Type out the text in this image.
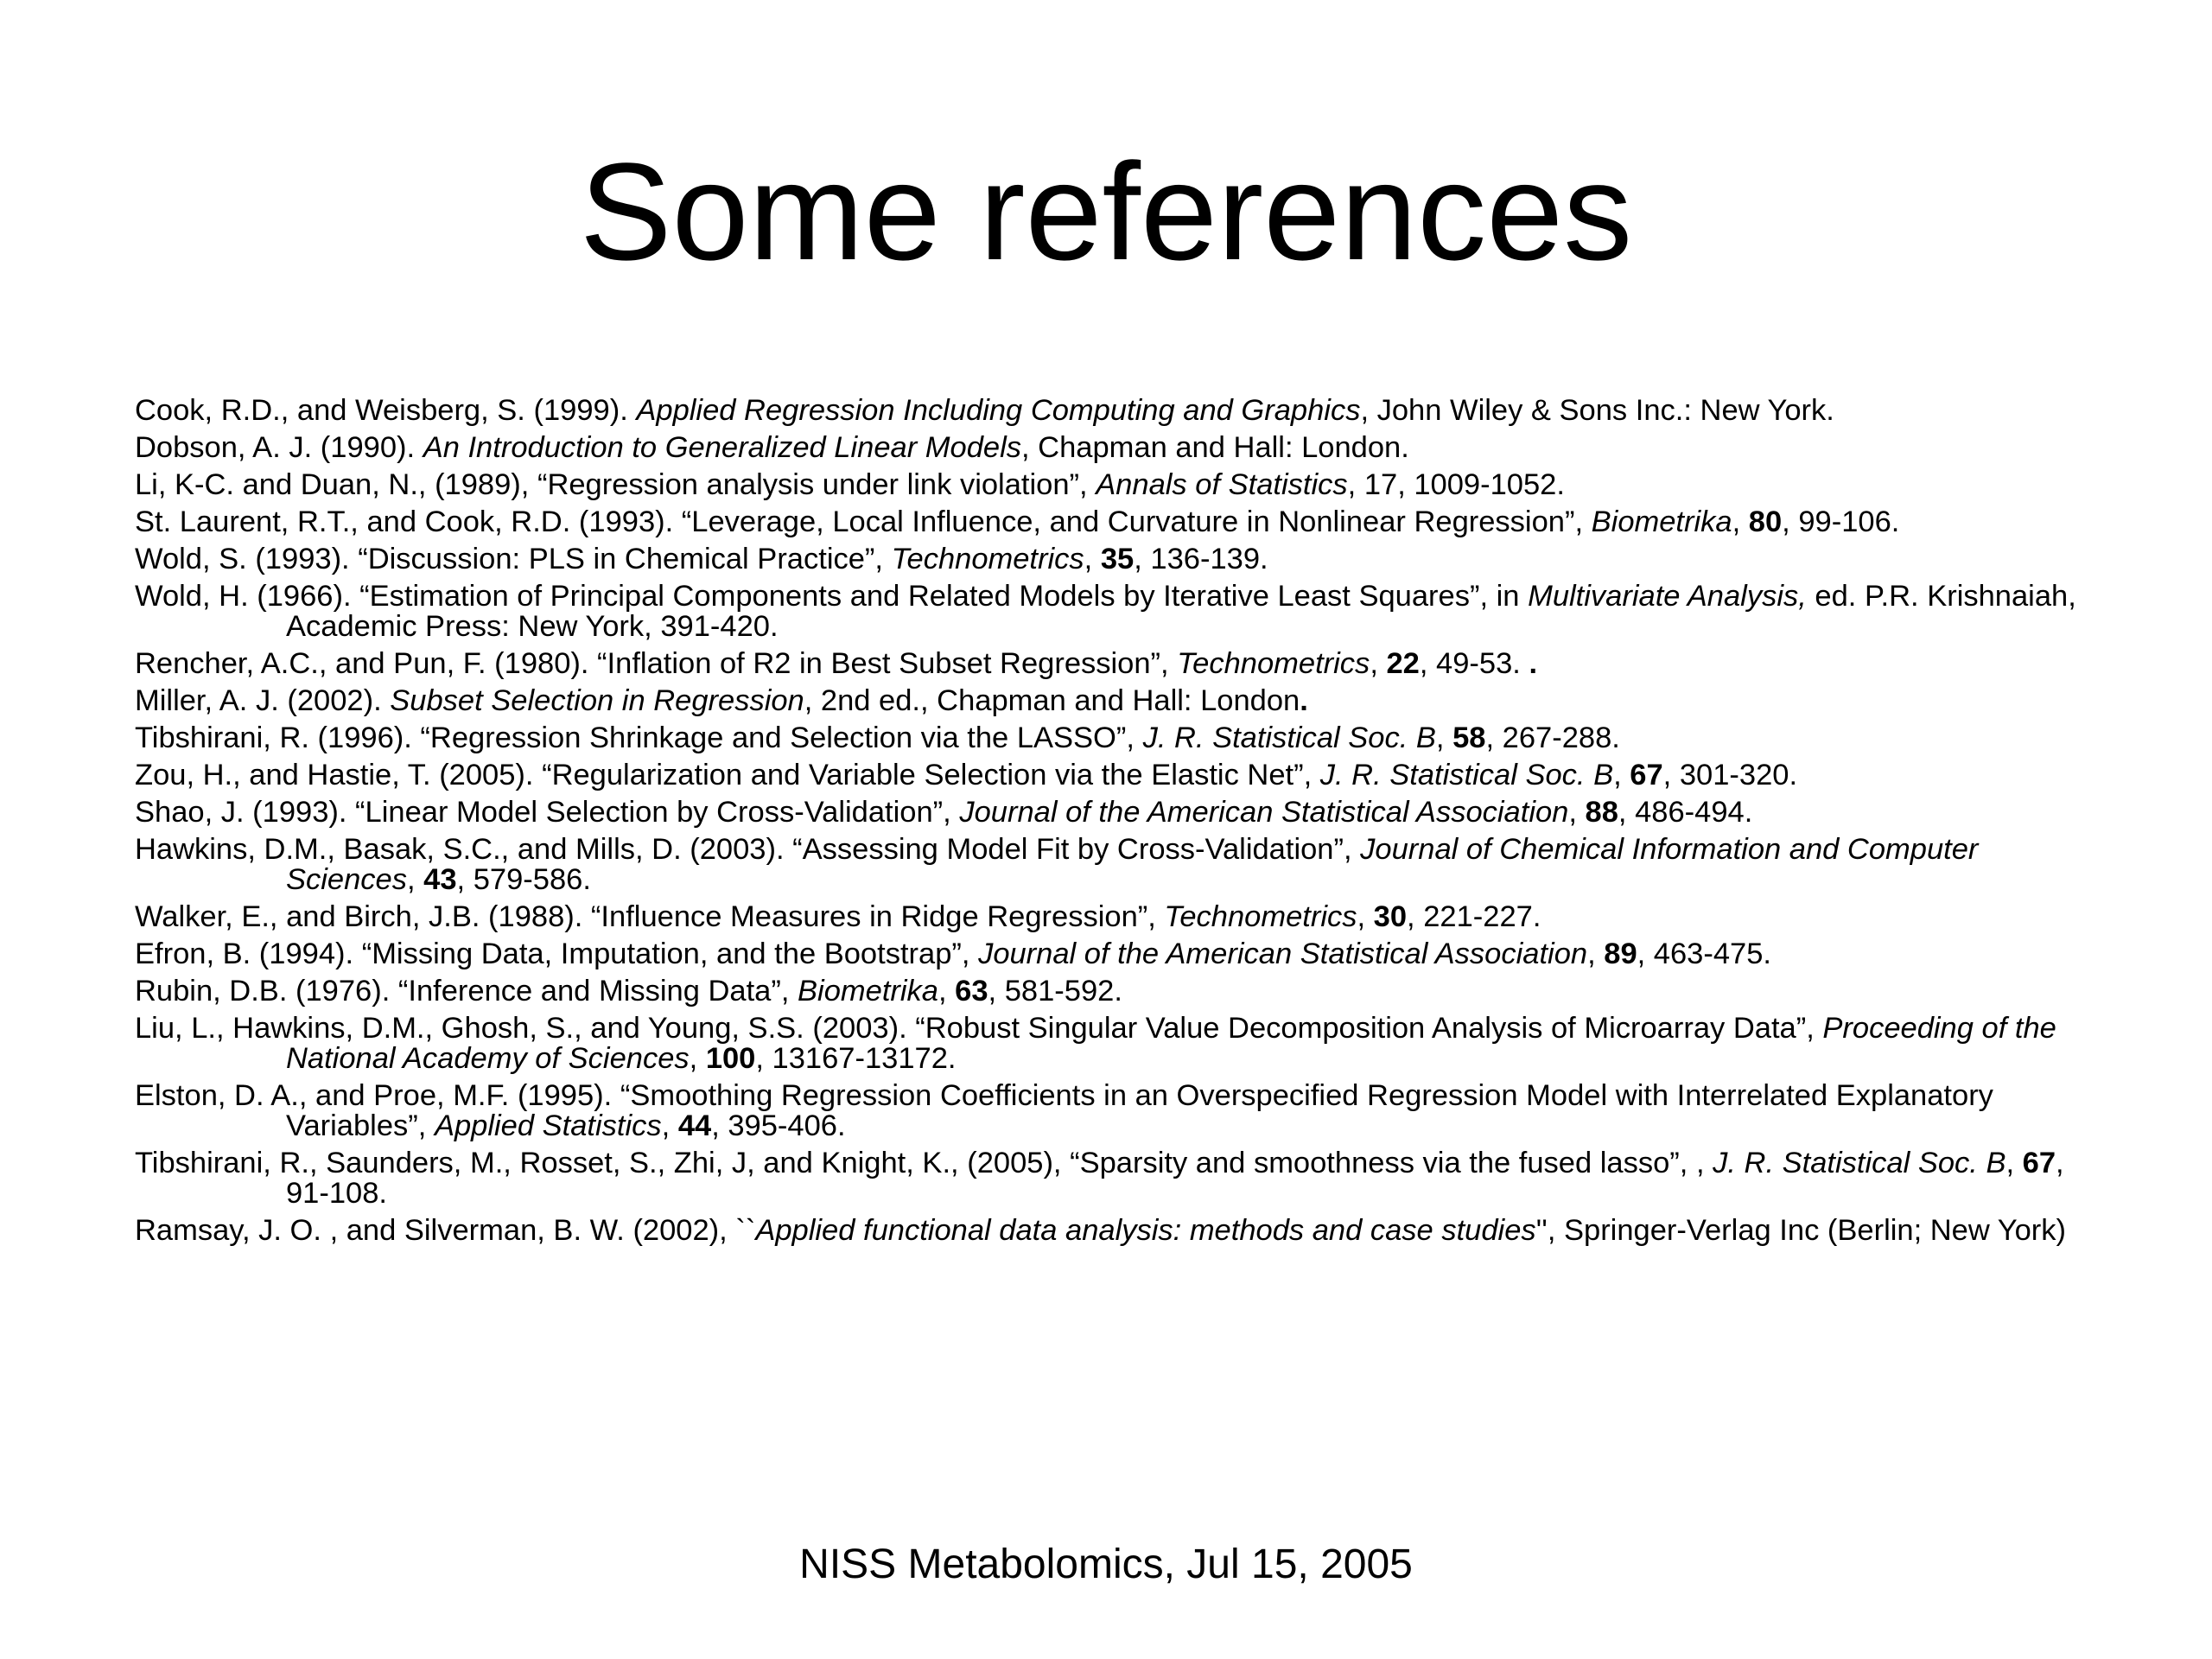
Some references
Cook, R.D., and Weisberg, S. (1999). Applied Regression Including Computing and Graphics, John Wiley & Sons Inc.: New York.
Dobson, A. J. (1990). An Introduction to Generalized Linear Models, Chapman and Hall: London.
Li, K-C. and Duan, N., (1989), “Regression analysis under link violation”, Annals of Statistics, 17, 1009-1052.
St. Laurent, R.T., and Cook, R.D. (1993). “Leverage, Local Influence, and Curvature in Nonlinear Regression”, Biometrika, 80, 99-106.
Wold, S. (1993). “Discussion: PLS in Chemical Practice”, Technometrics, 35, 136-139.
Wold, H. (1966). “Estimation of Principal Components and Related Models by Iterative Least Squares”, in Multivariate Analysis, ed. P.R. Krishnaiah, Academic Press: New York, 391-420.
Rencher, A.C., and Pun, F. (1980). “Inflation of R2 in Best Subset Regression”, Technometrics, 22, 49-53. .
Miller, A. J. (2002). Subset Selection in Regression, 2nd ed., Chapman and Hall: London.
Tibshirani, R. (1996). “Regression Shrinkage and Selection via the LASSO”, J. R. Statistical Soc. B, 58, 267-288.
Zou, H., and Hastie, T. (2005). “Regularization and Variable Selection via the Elastic Net”, J. R. Statistical Soc. B, 67, 301-320.
Shao, J. (1993). “Linear Model Selection by Cross-Validation”, Journal of the American Statistical Association, 88, 486-494.
Hawkins, D.M., Basak, S.C., and Mills, D. (2003). “Assessing Model Fit by Cross-Validation”, Journal of Chemical Information and Computer Sciences, 43, 579-586.
Walker, E., and Birch, J.B. (1988). “Influence Measures in Ridge Regression”, Technometrics, 30, 221-227.
Efron, B. (1994). “Missing Data, Imputation, and the Bootstrap”, Journal of the American Statistical Association, 89, 463-475.
Rubin, D.B. (1976). “Inference and Missing Data”, Biometrika, 63, 581-592.
Liu, L., Hawkins, D.M., Ghosh, S., and Young, S.S. (2003). “Robust Singular Value Decomposition Analysis of Microarray Data”, Proceeding of the National Academy of Sciences, 100, 13167-13172.
Elston, D. A., and Proe, M.F. (1995). “Smoothing Regression Coefficients in an Overspecified Regression Model with Interrelated Explanatory Variables”, Applied Statistics, 44, 395-406.
Tibshirani, R., Saunders, M., Rosset, S., Zhi, J, and Knight, K., (2005), “Sparsity and smoothness via the fused lasso”, , J. R. Statistical Soc. B, 67, 91-108.
Ramsay, J. O. , and Silverman, B. W. (2002), ``Applied functional data analysis: methods and case studies'', Springer-Verlag Inc (Berlin; New York)
NISS Metabolomics, Jul 15, 2005
